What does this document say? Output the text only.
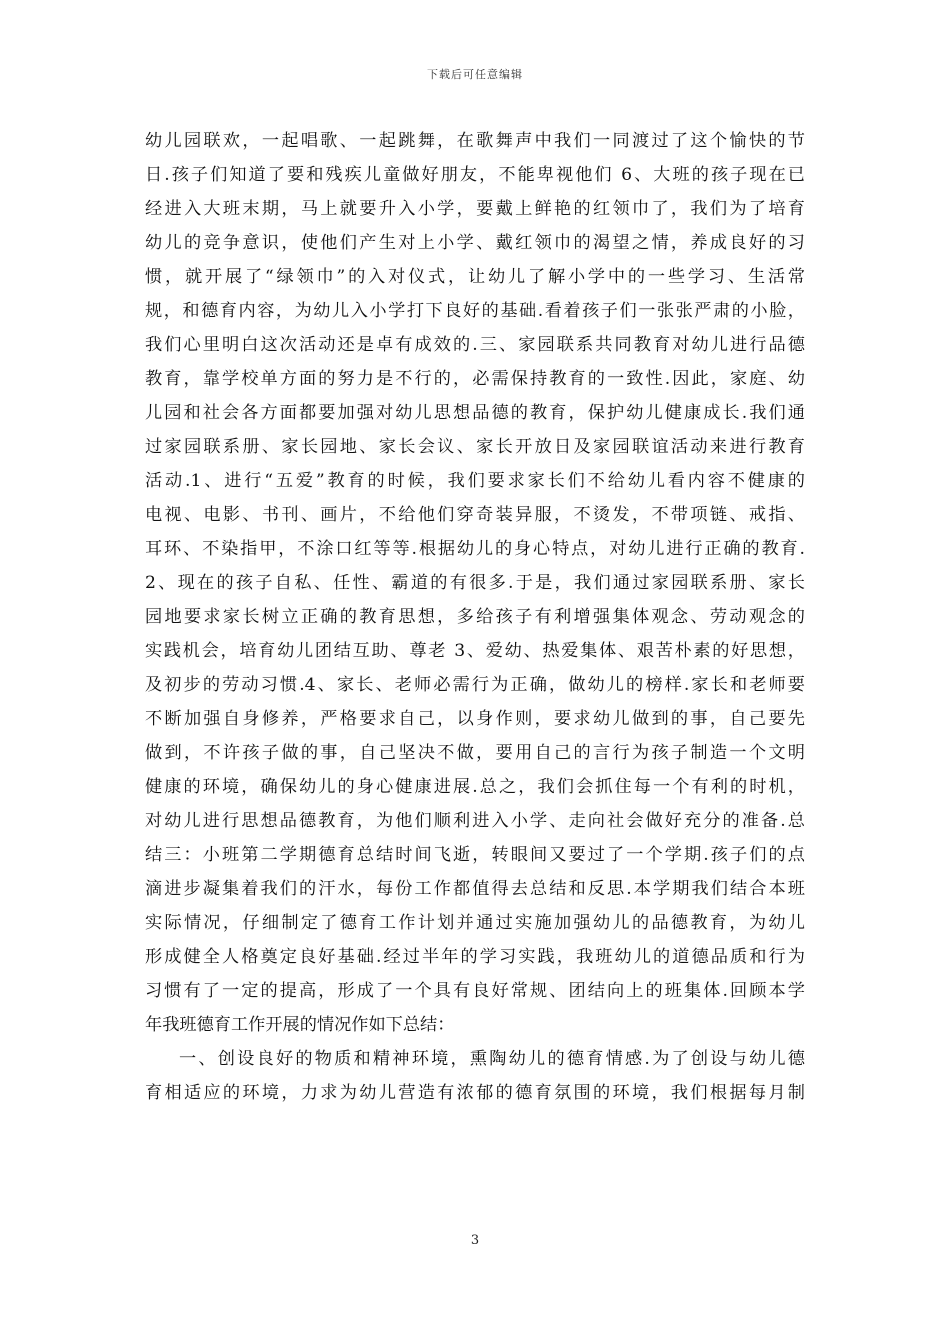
下载后可任意编辑
幼儿园联欢，一起唱歌、一起跳舞，在歌舞声中我们一同渡过了这个愉快的节
日.孩子们知道了要和残疾儿童做好朋友，不能卑视他们 6、大班的孩子现在已
经进入大班末期，马上就要升入小学，要戴上鲜艳的红领巾了，我们为了培育
幼儿的竞争意识，使他们产生对上小学、戴红领巾的渴望之情，养成良好的习
惯，就开展了“绿领巾”的入对仪式，让幼儿了解小学中的一些学习、生活常
规，和德育内容，为幼儿入小学打下良好的基础.看着孩子们一张张严肃的小脸，
我们心里明白这次活动还是卓有成效的.三、家园联系共同教育对幼儿进行品德
教育，靠学校单方面的努力是不行的，必需保持教育的一致性.因此，家庭、幼
儿园和社会各方面都要加强对幼儿思想品德的教育，保护幼儿健康成长.我们通
过家园联系册、家长园地、家长会议、家长开放日及家园联谊活动来进行教育
活动.1、进行“五爱”教育的时候，我们要求家长们不给幼儿看内容不健康的
电视、电影、书刊、画片，不给他们穿奇装异服，不烫发，不带项链、戒指、
耳环、不染指甲，不涂口红等等.根据幼儿的身心特点，对幼儿进行正确的教育.
2、现在的孩子自私、任性、霸道的有很多.于是，我们通过家园联系册、家长
园地要求家长树立正确的教育思想，多给孩子有利增强集体观念、劳动观念的
实践机会，培育幼儿团结互助、尊老 3、爱幼、热爱集体、艰苦朴素的好思想，
及初步的劳动习惯.4、家长、老师必需行为正确，做幼儿的榜样.家长和老师要
不断加强自身修养，严格要求自己，以身作则，要求幼儿做到的事，自己要先
做到，不许孩子做的事，自己坚决不做，要用自己的言行为孩子制造一个文明
健康的环境，确保幼儿的身心健康进展.总之，我们会抓住每一个有利的时机，
对幼儿进行思想品德教育，为他们顺利进入小学、走向社会做好充分的准备.总
结三：小班第二学期德育总结时间飞逝，转眼间又要过了一个学期.孩子们的点
滴进步凝集着我们的汗水，每份工作都值得去总结和反思.本学期我们结合本班
实际情况，仔细制定了德育工作计划并通过实施加强幼儿的品德教育，为幼儿
形成健全人格奠定良好基础.经过半年的学习实践，我班幼儿的道德品质和行为
习惯有了一定的提高，形成了一个具有良好常规、团结向上的班集体.回顾本学
年我班德育工作开展的情况作如下总结：
一、创设良好的物质和精神环境，熏陶幼儿的德育情感.为了创设与幼儿德
育相适应的环境，力求为幼儿营造有浓郁的德育氛围的环境，我们根据每月制
3
